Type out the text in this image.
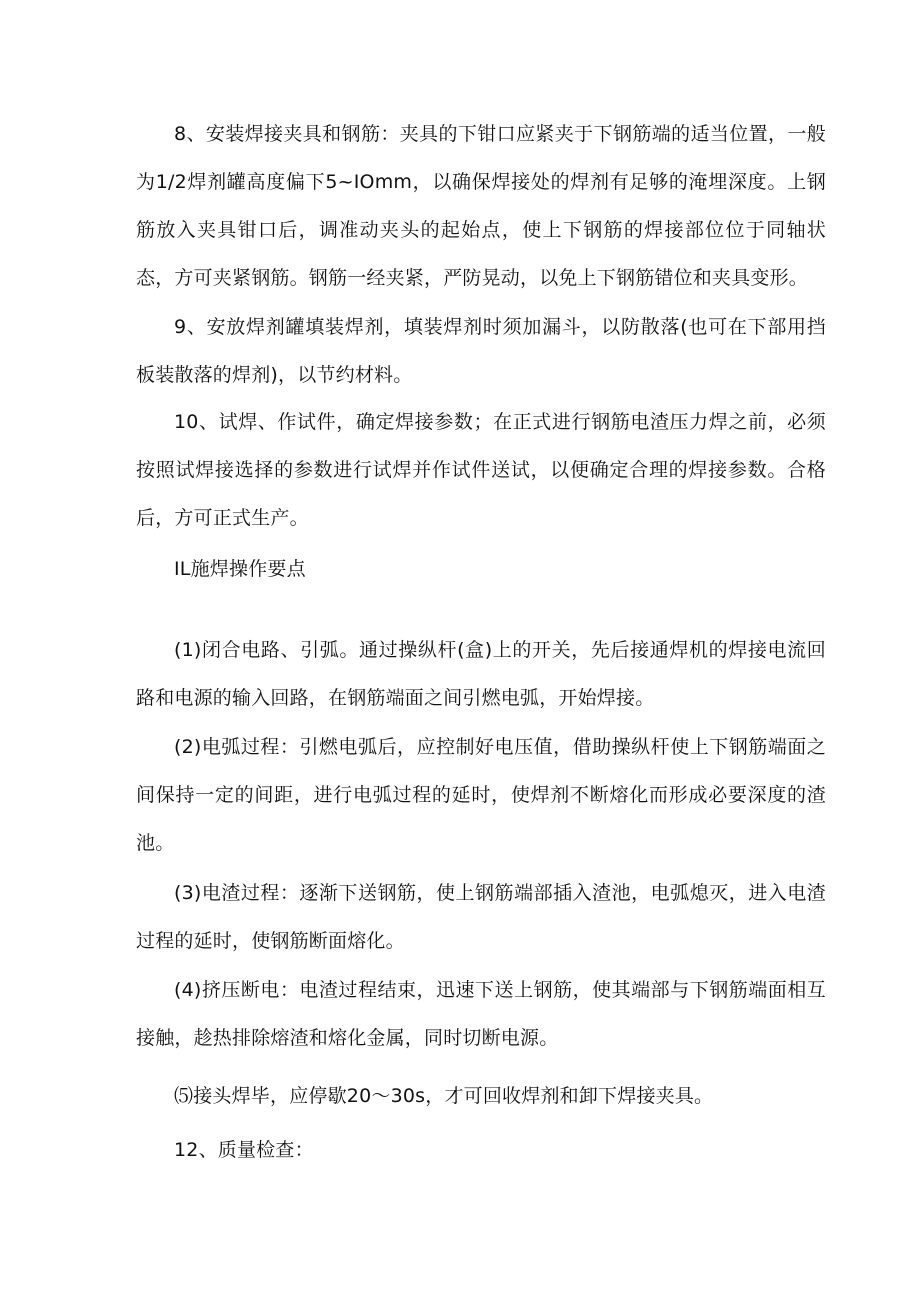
8、安装焊接夹具和钢筋：夹具的下钳口应紧夹于下钢筋端的适当位置，一般为1/2焊剂罐高度偏下5~IOmm，以确保焊接处的焊剂有足够的淹埋深度。上钢筋放入夹具钳口后，调准动夹头的起始点，使上下钢筋的焊接部位位于同轴状态，方可夹紧钢筋。钢筋一经夹紧，严防晃动，以免上下钢筋错位和夹具变形。

9、安放焊剂罐填装焊剂，填装焊剂时须加漏斗，以防散落(也可在下部用挡板装散落的焊剂)，以节约材料。

10、试焊、作试件，确定焊接参数；在正式进行钢筋电渣压力焊之前，必须按照试焊接选择的参数进行试焊并作试件送试，以便确定合理的焊接参数。合格后，方可正式生产。

IL施焊操作要点

(1)闭合电路、引弧。通过操纵杆(盒)上的开关，先后接通焊机的焊接电流回路和电源的输入回路，在钢筋端面之间引燃电弧，开始焊接。

(2)电弧过程：引燃电弧后，应控制好电压值，借助操纵杆使上下钢筋端面之间保持一定的间距，进行电弧过程的延时，使焊剂不断熔化而形成必要深度的渣池。

(3)电渣过程：逐渐下送钢筋，使上钢筋端部插入渣池，电弧熄灭，进入电渣过程的延时，使钢筋断面熔化。

(4)挤压断电：电渣过程结束，迅速下送上钢筋，使其端部与下钢筋端面相互接触，趁热排除熔渣和熔化金属，同时切断电源。

⑸接头焊毕，应停歇20～30s，才可回收焊剂和卸下焊接夹具。

12、质量检查：
